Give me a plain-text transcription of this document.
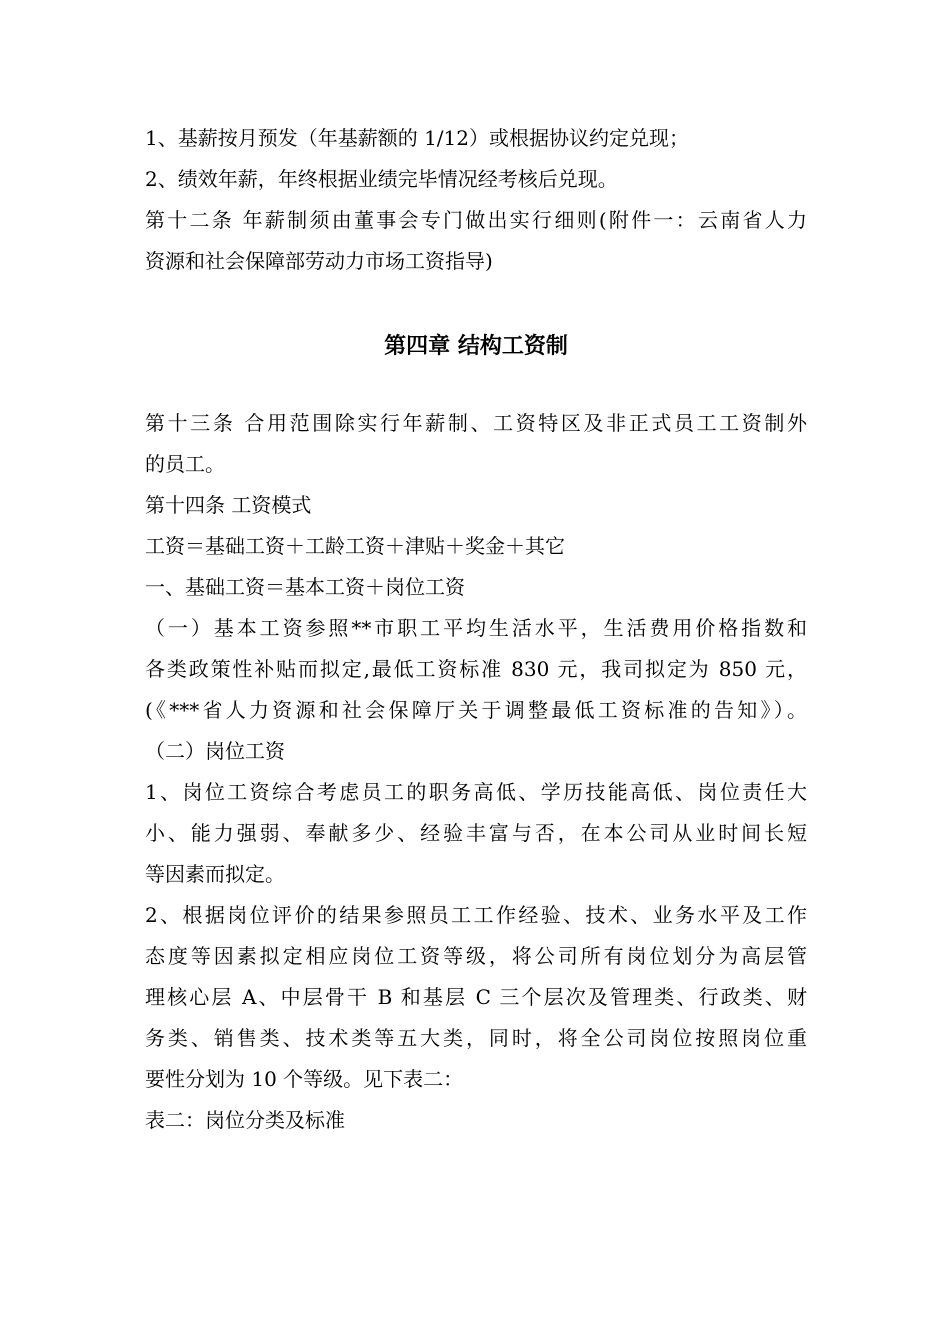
1、基薪按月预发（年基薪额的 1/12）或根据协议约定兑现；

2、绩效年薪，年终根据业绩完毕情况经考核后兑现。

第十二条 年薪制须由董事会专门做出实行细则(附件一：云南省人力

资源和社会保障部劳动力市场工资指导)

第四章 结构工资制

第十三条 合用范围除实行年薪制、工资特区及非正式员工工资制外

的员工。

第十四条 工资模式

工资＝基础工资＋工龄工资＋津贴＋奖金＋其它

一、基础工资＝基本工资＋岗位工资

（一）基本工资参照**市职工平均生活水平，生活费用价格指数和

各类政策性补贴而拟定,最低工资标准 830 元，我司拟定为 850 元，

(《***省人力资源和社会保障厅关于调整最低工资标准的告知》）。

（二）岗位工资

1、岗位工资综合考虑员工的职务高低、学历技能高低、岗位责任大

小、能力强弱、奉献多少、经验丰富与否，在本公司从业时间长短

等因素而拟定。

2、根据岗位评价的结果参照员工工作经验、技术、业务水平及工作

态度等因素拟定相应岗位工资等级，将公司所有岗位划分为高层管

理核心层 A、中层骨干 B 和基层 C 三个层次及管理类、行政类、财

务类、销售类、技术类等五大类，同时，将全公司岗位按照岗位重

要性分划为 10 个等级。见下表二：

表二：岗位分类及标准
